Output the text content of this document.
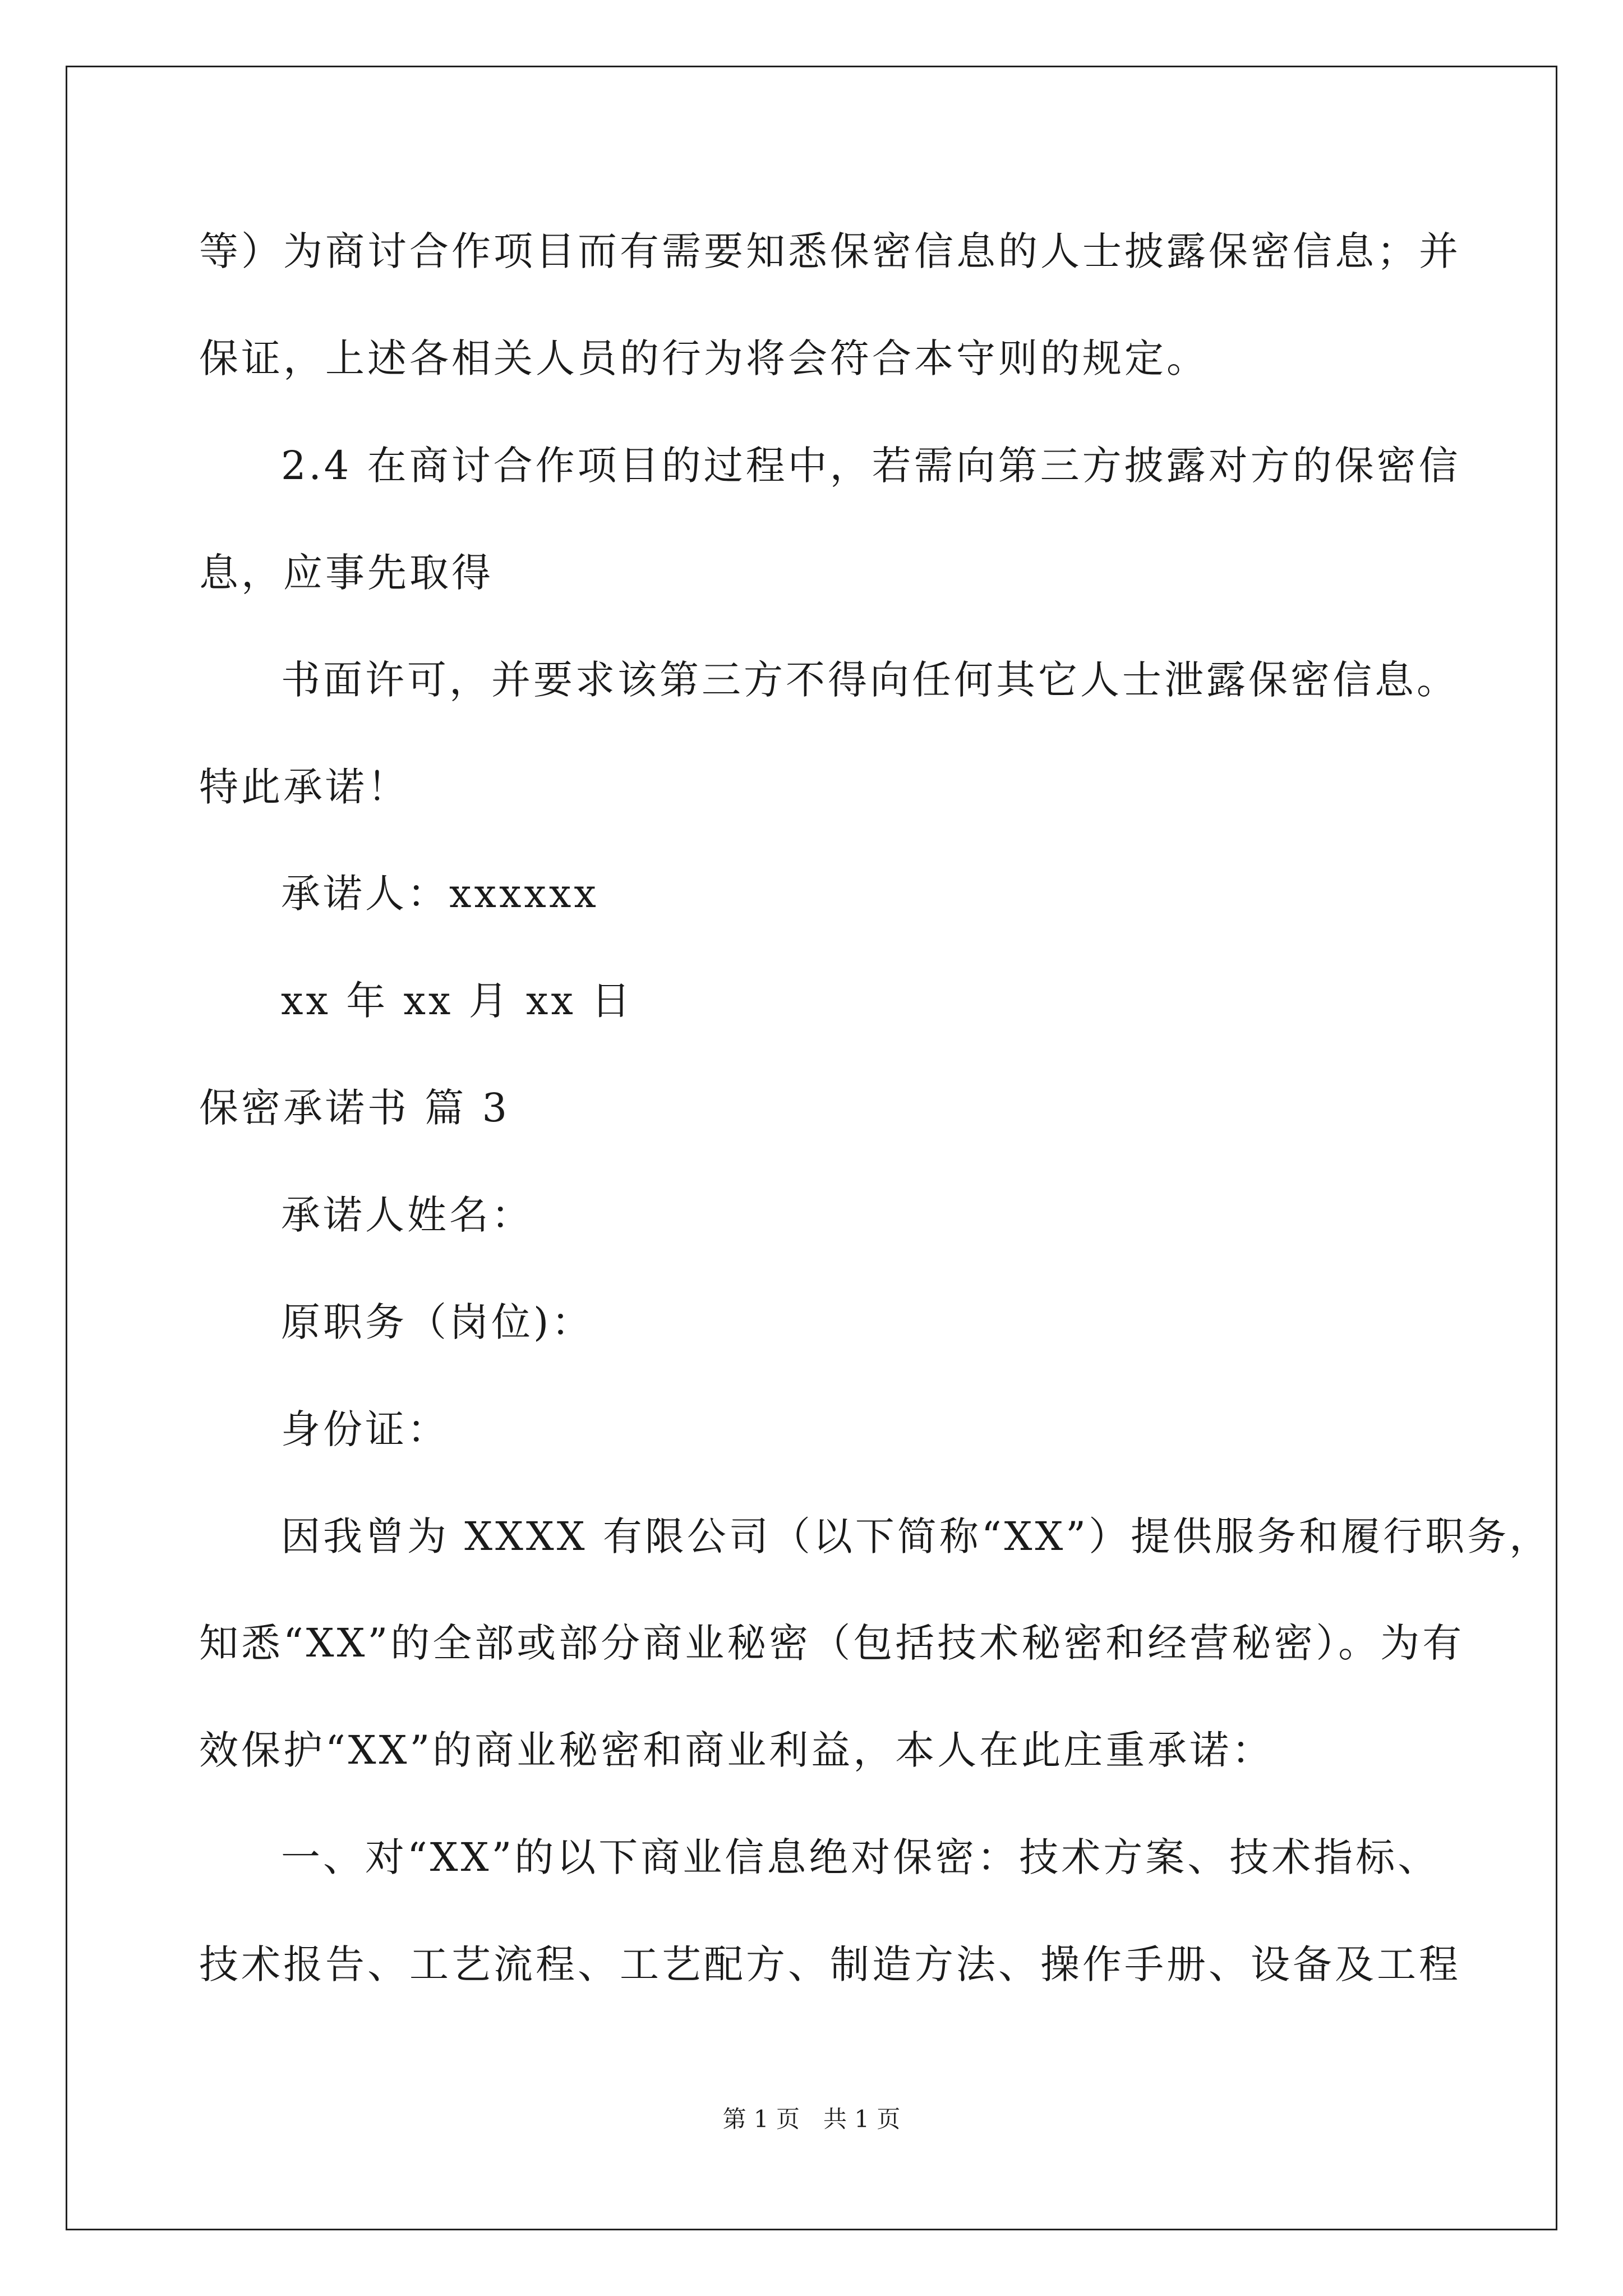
等）为商讨合作项目而有需要知悉保密信息的人士披露保密信息；并
保证，上述各相关人员的行为将会符合本守则的规定。
2.4 在商讨合作项目的过程中，若需向第三方披露对方的保密信
息，应事先取得
书面许可，并要求该第三方不得向任何其它人士泄露保密信息。
特此承诺！
承诺人：xxxxxx
xx 年 xx 月 xx 日
保密承诺书 篇 3
承诺人姓名：
原职务（岗位)：
身份证：
因我曾为 XXXX 有限公司（以下简称“XX”）提供服务和履行职务，
知悉“XX”的全部或部分商业秘密（包括技术秘密和经营秘密）。为有
效保护“XX”的商业秘密和商业利益，本人在此庄重承诺：
一、对“XX”的以下商业信息绝对保密：技术方案、技术指标、
技术报告、工艺流程、工艺配方、制造方法、操作手册、设备及工程
第 1 页　共 1 页
